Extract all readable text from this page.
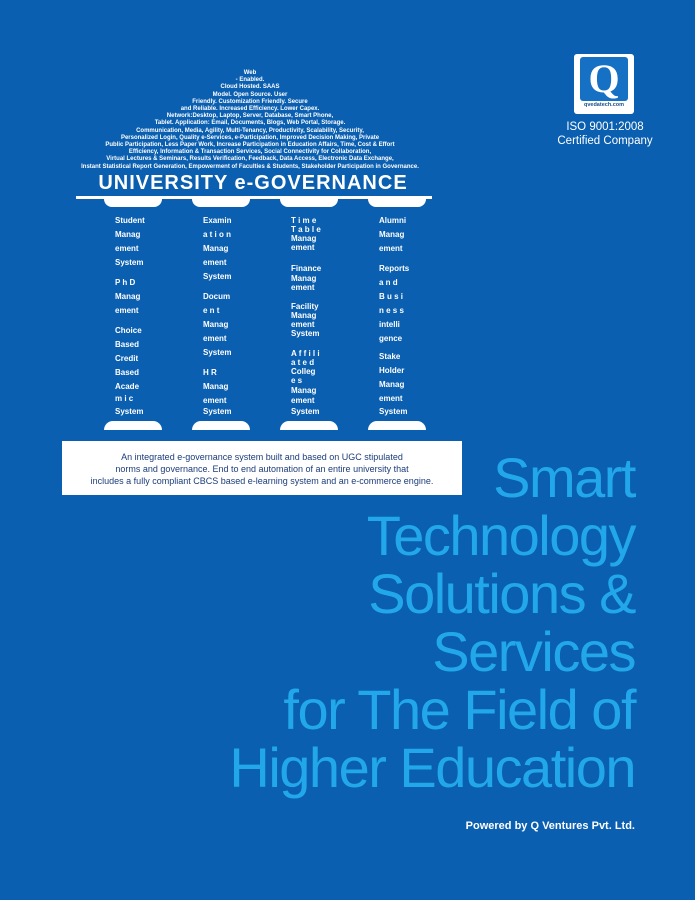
Q
qvedatech.com
ISO 9001:2008
Certified Company
Web
- Enabled.
Cloud Hosted. SAAS
Model. Open Source. User
Friendly. Customization Friendly. Secure
and Reliable. Increased Efficiency. Lower Capex.
Network:Desktop, Laptop, Server, Database, Smart Phone,
Tablet. Application: Email, Documents, Blogs, Web Portal, Storage.
Communication, Media, Agility, Multi-Tenancy, Productivity, Scalability, Security,
Personalized Login, Quality e-Services, e-Participation, Improved Decision Making, Private
Public Participation, Less Paper Work, Increase Participation in Education Affairs, Time, Cost & Effort
Efficiency, Information & Transaction Services, Social Connectivity for Collaboration,
Virtual Lectures & Seminars, Results Verification, Feedback, Data Access, Electronic Data Exchange,
Instant Statistical Report Generation, Empowerment of Faculties & Students, Stakeholder Participation in Governance.
UNIVERSITY e-GOVERNANCE
Student
Manag
ement
System
P h D
Manag
ement
Choice
Based
Credit
Based
Acade
m i c
System
Examin
a t i o n
Manag
ement
System
Docum
e n t
Manag
ement
System
H R
Manag
ement
System
T i m e
T a b l e
Manag
ement
Finance
Manag
ement
Facility
Manag
ement
System
A f f i l i
a t e d
Colleg
e s
Manag
ement
System
Alumni
Manag
ement
Reports
a n d
B u s i
n e s s
intelli
gence
Stake
Holder
Manag
ement
System

An integrated e-governance system built and based on UGC stipulated
norms and governance. End to end automation of an entire university that
includes a fully compliant CBCS based e-learning system and an e-commerce engine.	Smart
Technology
Solutions &
Services
for The Field of
Higher Education
Powered by Q Ventures Pvt. Ltd.
